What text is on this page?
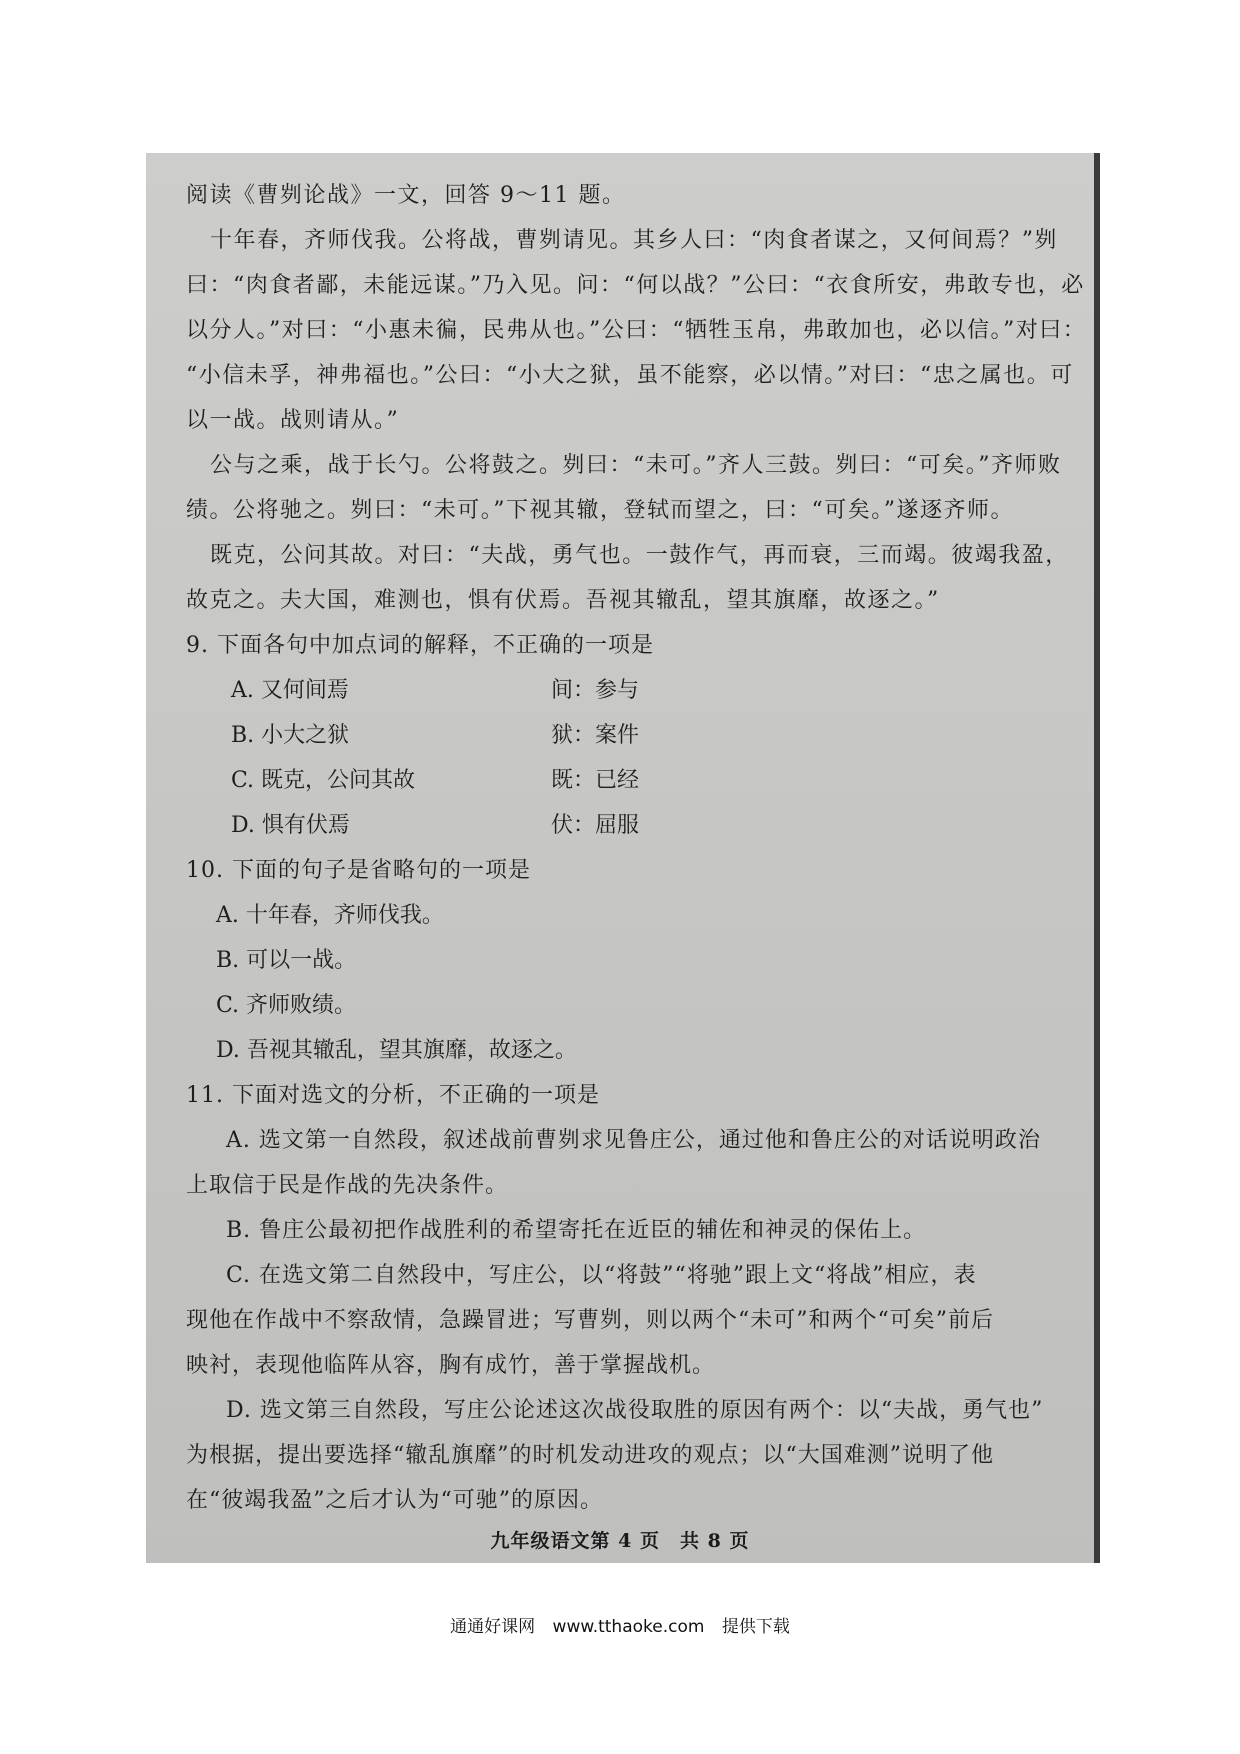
阅读《曹刿论战》一文，回答 9～11 题。
十年春，齐师伐我。公将战，曹刿请见。其乡人曰：“肉食者谋之，又何间焉？”刿
曰：“肉食者鄙，未能远谋。”乃入见。问：“何以战？”公曰：“衣食所安，弗敢专也，必
以分人。”对曰：“小惠未徧，民弗从也。”公曰：“牺牲玉帛，弗敢加也，必以信。”对曰：
“小信未孚，神弗福也。”公曰：“小大之狱，虽不能察，必以情。”对曰：“忠之属也。可
以一战。战则请从。”
公与之乘，战于长勺。公将鼓之。刿曰：“未可。”齐人三鼓。刿曰：“可矣。”齐师败
绩。公将驰之。刿曰：“未可。”下视其辙，登轼而望之，曰：“可矣。”遂逐齐师。
既克，公问其故。对曰：“夫战，勇气也。一鼓作气，再而衰，三而竭。彼竭我盈，
故克之。夫大国，难测也，惧有伏焉。吾视其辙乱，望其旗靡，故逐之。”
9. 下面各句中加点词的解释，不正确的一项是
A. 又何间焉	间：参与
B. 小大之狱	狱：案件
C. 既克，公问其故	既：已经
D. 惧有伏焉	伏：屈服
10. 下面的句子是省略句的一项是
A. 十年春，齐师伐我。
B. 可以一战。
C. 齐师败绩。
D. 吾视其辙乱，望其旗靡，故逐之。
11. 下面对选文的分析，不正确的一项是
A. 选文第一自然段，叙述战前曹刿求见鲁庄公，通过他和鲁庄公的对话说明政治
上取信于民是作战的先决条件。
B. 鲁庄公最初把作战胜利的希望寄托在近臣的辅佐和神灵的保佑上。
C. 在选文第二自然段中，写庄公，以“将鼓”“将驰”跟上文“将战”相应，表
现他在作战中不察敌情，急躁冒进；写曹刿，则以两个“未可”和两个“可矣”前后
映衬，表现他临阵从容，胸有成竹，善于掌握战机。
D. 选文第三自然段，写庄公论述这次战役取胜的原因有两个：以“夫战，勇气也”
为根据，提出要选择“辙乱旗靡”的时机发动进攻的观点；以“大国难测”说明了他
在“彼竭我盈”之后才认为“可驰”的原因。
九年级语文第 4 页　共 8 页
通通好课网 www.tthaoke.com 提供下载
